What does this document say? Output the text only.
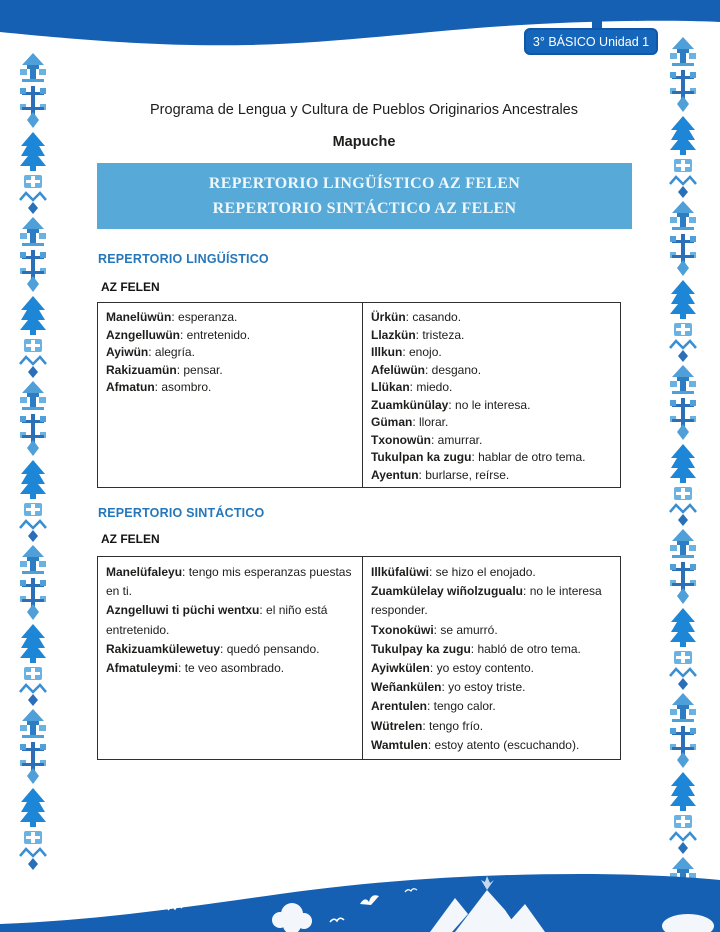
3° BÁSICO Unidad 1
Programa de Lengua y Cultura de Pueblos Originarios Ancestrales
Mapuche
REPERTORIO LINGÜÍSTICO AZ FELEN
REPERTORIO SINTÁCTICO AZ FELEN
REPERTORIO LINGÜÍSTICO
AZ FELEN
Manelüwün: esperanza.
Azngelluwün: entretenido.
Ayiwün: alegría.
Rakizuamün: pensar.
Afmatun: asombro.
Ürkün: casando.
Llazkün: tristeza.
Illkun: enojo.
Afelüwün: desgano.
Llükan: miedo.
Zuamkünülay: no le interesa.
Güman: llorar.
Txonowün: amurrar.
Tukulpan ka zugu: hablar de otro tema.
Ayentun: burlarse, reírse.
REPERTORIO SINTÁCTICO
AZ FELEN
Manelüfaleyu: tengo mis esperanzas puestas en ti.
Azngelluwi ti püchi wentxu: el niño está entretenido.
Rakizuamkülewetuy: quedó pensando.
Afmatuleymi: te veo asombrado.
Illküfalüwi: se hizo el enojado.
Zuamkülelay wiñolzugualu: no le interesa responder.
Txonoküwi: se amurró.
Tukulpay ka zugu: habló de otro tema.
Ayiwkülen: yo estoy contento.
Weñankülen: yo estoy triste.
Arentulen: tengo calor.
Wütrelen: tengo frío.
Wamtulen: estoy atento (escuchando).
